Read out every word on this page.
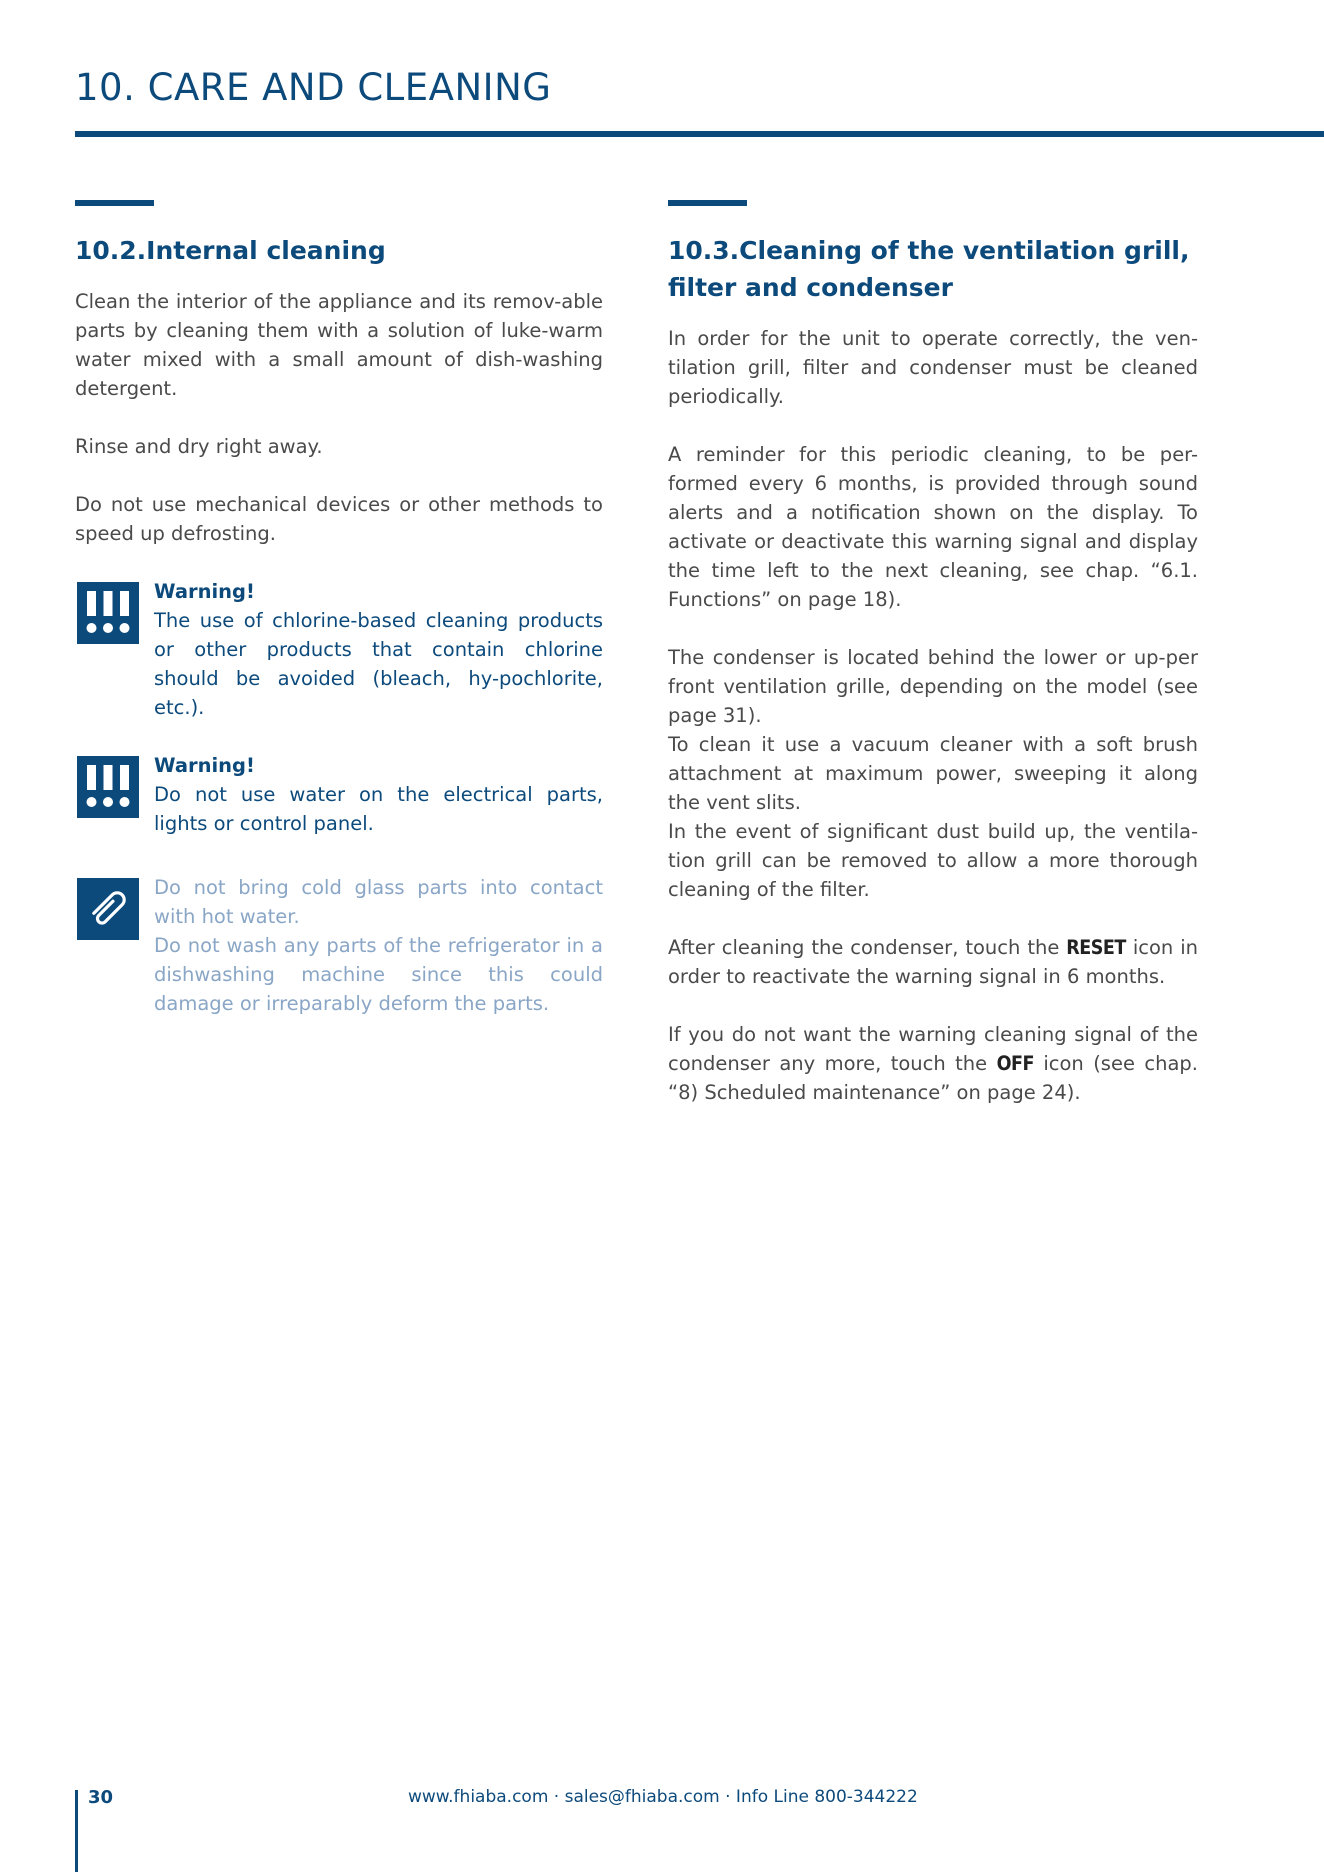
10. CARE AND CLEANING
10.2.Internal cleaning

Clean the interior of the appliance and its remov-able parts by cleaning them with a solution of luke-warm water mixed with a small amount of dish-washing detergent.

Rinse and dry right away.

Do not use mechanical devices or other methods to speed up defrosting.

Warning!
The use of chlorine-based cleaning products or other products that contain chlorine should be avoided (bleach, hy-pochlorite, etc.).
Warning!
Do not use water on the electrical parts, lights or control panel.
Do not bring cold glass parts into contact with hot water.
Do not wash any parts of the refrigerator in a dishwashing machine since this could damage or irreparably deform the parts.
10.3.Cleaning of the ventilation grill, filter and condenser

In order for the unit to operate correctly, the ven-tilation grill, filter and condenser must be cleaned periodically.

A reminder for this periodic cleaning, to be per-formed every 6 months, is provided through sound alerts and a notification shown on the display. To activate or deactivate this warning signal and display the time left to the next cleaning, see chap. “6.1. Functions” on page 18).

The condenser is located behind the lower or up-per front ventilation grille, depending on the model (see page 31).

To clean it use a vacuum cleaner with a soft brush attachment at maximum power, sweeping it along the vent slits.

In the event of significant dust build up, the ventila-tion grill can be removed to allow a more thorough cleaning of the filter.

After cleaning the condenser, touch the RESET icon in order to reactivate the warning signal in 6 months.

If you do not want the warning cleaning signal of the condenser any more, touch the OFF icon (see chap. “8) Scheduled maintenance” on page 24).

30	www.fhiaba.com · sales@fhiaba.com · Info Line 800-344222
